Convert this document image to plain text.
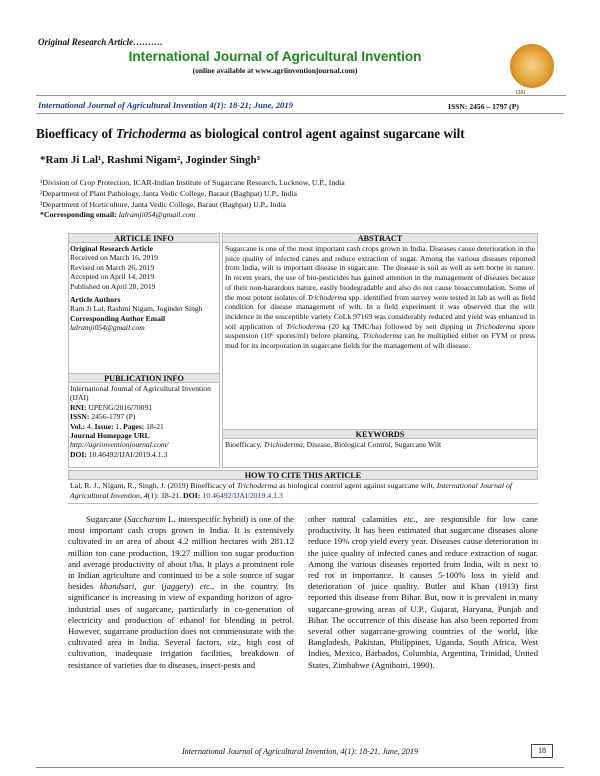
Original Research Article……….
International Journal of Agricultural Invention
(online available at www.agriinventionjournal.com)
IJAI
International Journal of Agricultural Invention 4(1): 18-21; June, 2019	ISSN: 2456 – 1797 (P)
Bioefficacy of Trichoderma as biological control agent against sugarcane wilt
*Ram Ji Lal¹, Rashmi Nigam², Joginder Singh³
¹Division of Crop Protection, ICAR-Indian Institute of Sugarcane Research, Lucknow, U.P., India
²Department of Plant Pathology, Janta Vedic College, Baraut (Baghpat) U.P., India
³Department of Horticulture, Janta Vedic College, Baraut (Baghpat) U.P., India
*Corresponding email: lalramji054@gmail.com
ARTICLE INFO
Original Research Article
Received on March 16, 2019
Revised on March 26, 2019
Accepted on April 14, 2019
Published on April 28, 2019
Article Authors
Ram Ji Lal, Rashmi Nigam, Joginder Singh
Corresponding Author Email
lalramji054@gmail.com
PUBLICATION INFO
International Journal of Agricultural Invention (IJAI)
RNI: UPENG/2016/70091
ISSN: 2456-1797 (P)
Vol.: 4, Issue: 1, Pages: 18-21
Journal Homepage URL
http://agriinventionjournal.com/
DOI: 10.46492/IJAI/2019.4.1.3
ABSTRACT
Sugarcane is one of the most important cash crops grown in India. Diseases cause deterioration in the juice quality of infected canes and reduce extraction of sugar. Among the various diseases reported from India, wilt is important disease in sugarcane. The disease is soil as well as sett borne in nature. In recent years, the use of bio-pesticides has gained attention in the management of diseases because of their non-hazardous nature, easily biodegradable and also do not cause bioaccumulation. Some of the most potent isolates of Trichoderma spp. identified from survey were tested in lab as well as field condition for disease management of wilt. In a field experiment it was observed that the wilt incidence in the susceptible variety CoLk 97169 was considerably reduced and yield was enhanced in soil application of Trichoderma (20 kg TMC/ha) followed by sett dipping in Trichoderma spore suspension (10⁶ spores/ml) before planting. Trichoderma can be multiplied either on FYM or press mud for its incorporation in sugarcane fields for the management of wilt disease.
KEYWORDS
Bioefficacy, Trichoderma, Disease, Biological Control, Sugarcane Wilt
HOW TO CITE THIS ARTICLE
Lal, R. J., Nigam, R., Singh, J. (2019) Bioefficacy of Trichoderma as biological control agent against sugarcane wilt, International Journal of Agricultural Invention, 4(1): 18-21. DOI: 10.46492/IJAI/2019.4.1.3
Sugarcane (Saccharum L. interspecific hybrid) is one of the most important cash crops grown in India. It is extensively cultivated in an area of about 4.2 million hectares with 281.12 million ton cane production, 19.27 million ton sugar production and average productivity of about t/ha. It plays a prominent role in Indian agriculture and continued to be a sole source of sugar besides khandsari, gur (jaggery) etc., in the country. Its significance is increasing in view of expanding horizon of agro-industrial uses of sugarcane, particularly in co-generation of electricity and production of ethanol for blending in petrol. However, sugarcane production does not commensurate with the cultivated area in India. Several factors, viz., high cost of cultivation, inadequate irrigation facilities, breakdown of resistance of varieties due to diseases, insect-pests and
other natural calamities etc., are responsible for low cane productivity. It has been estimated that sugarcane diseases alone reduce 19% crop yield every year. Diseases cause deterioration in the juice quality of infected canes and reduce extraction of sugar. Among the various diseases reported from India, wilt is next to red rot in importance. It causes 5-100% loss in yield and deterioration of juice quality. Butler and Khan (1913) first reported this disease from Bihar. But, now it is prevalent in many sugarcane-growing areas of U.P., Gujarat, Haryana, Punjab and Bihar. The occurrence of this disease has also been reported from several other sugarcane-growing countries of the world, like Bangladesh, Pakistan, Philippines, Uganda, South Africa, West Indies, Mexico, Barbados, Columbia, Argentina, Trinidad, United States, Zimbabwe (Agnihotri, 1990).
International Journal of Agricultural Invention, 4(1): 18-21, June, 2019	18
